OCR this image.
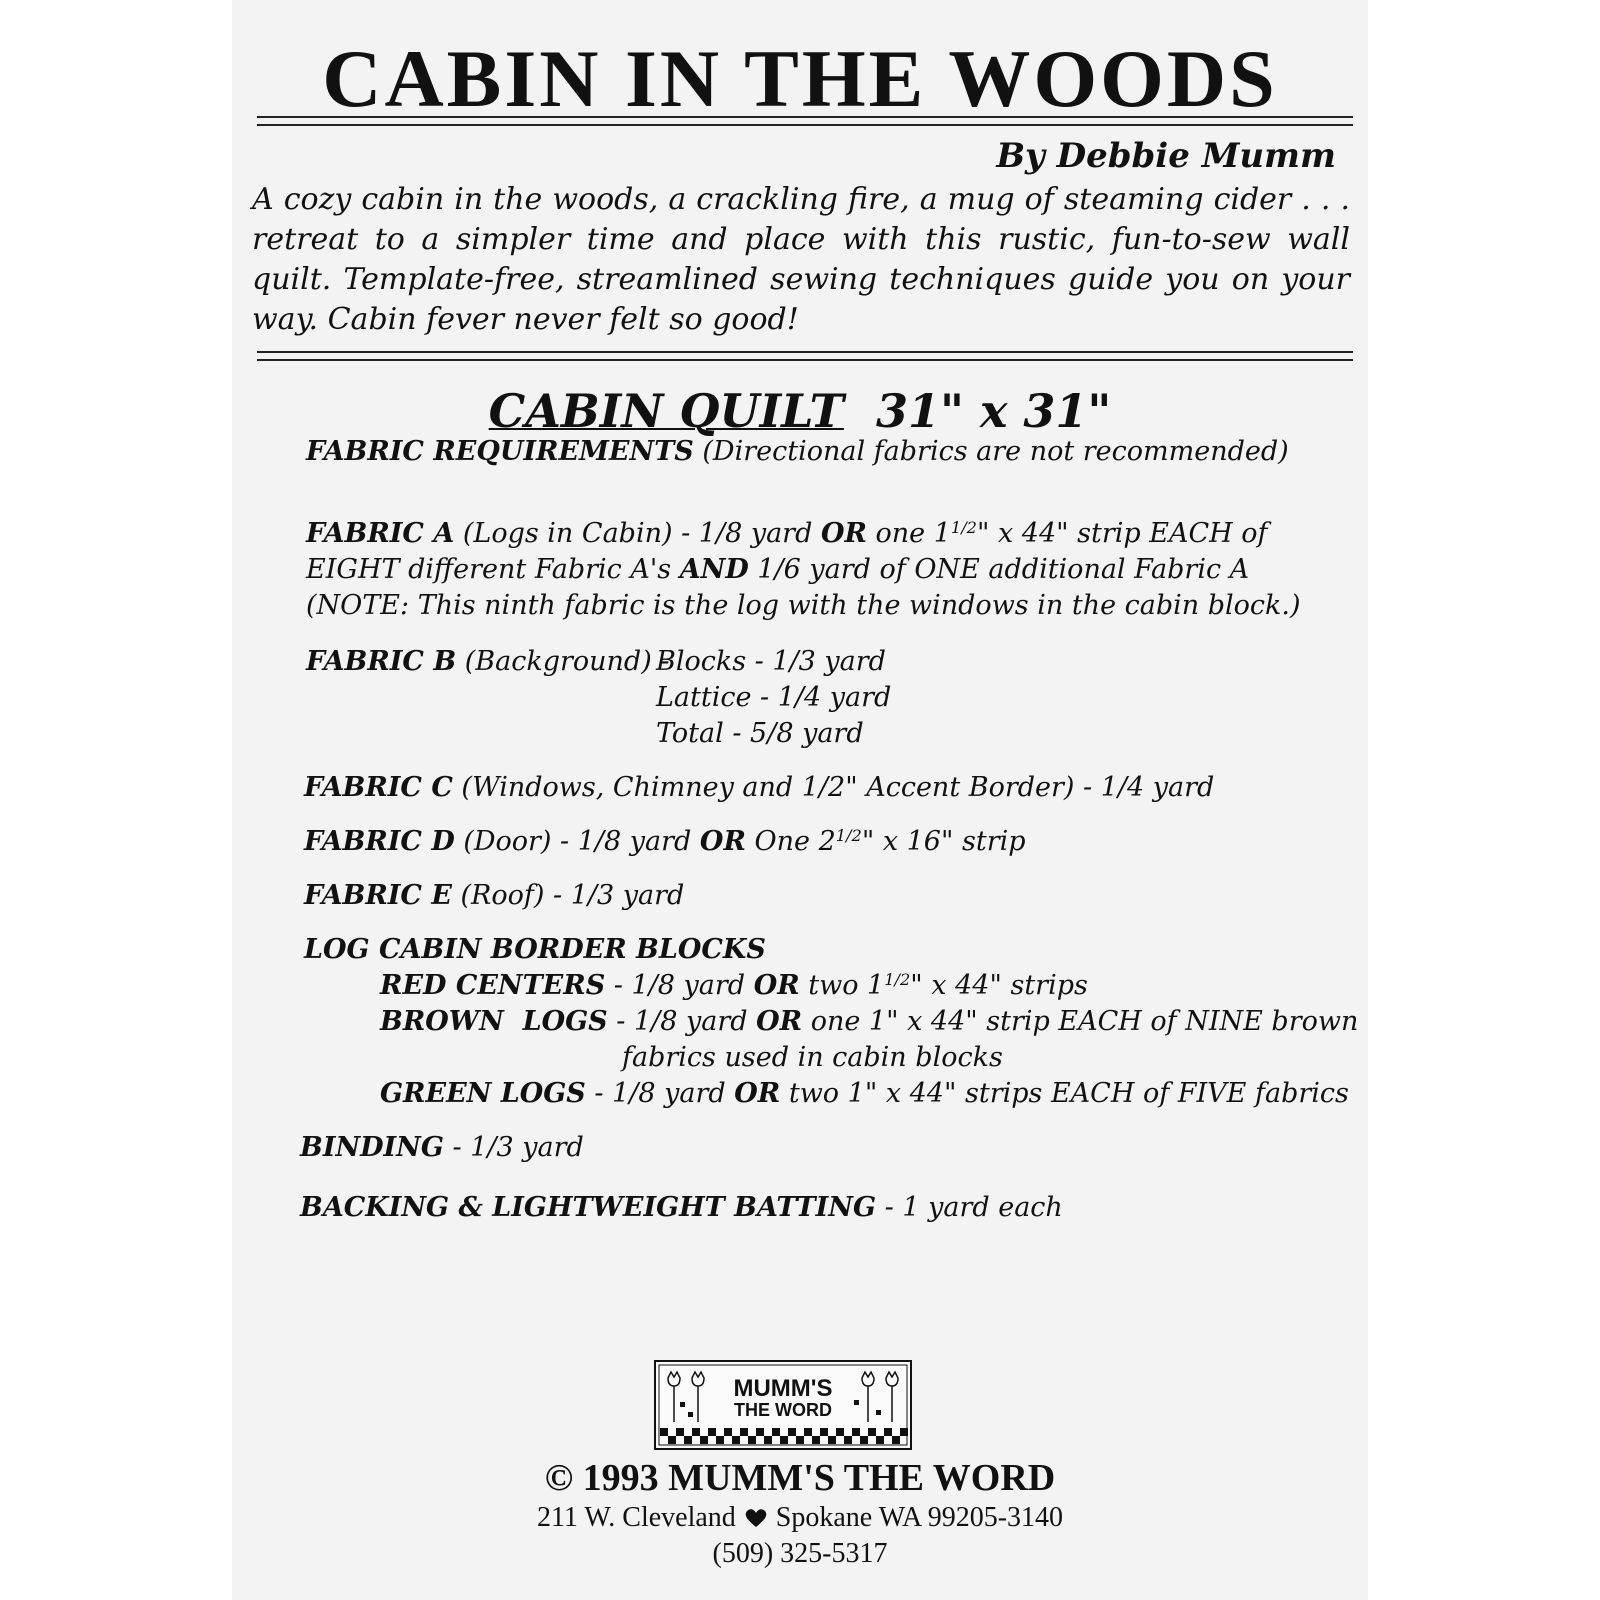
CABIN IN THE WOODS
By Debbie Mumm
A cozy cabin in the woods, a crackling fire, a mug of steaming cider . . . retreat to a simpler time and place with this rustic, fun-to-sew wall quilt. Template-free, streamlined sewing techniques guide you on your way. Cabin fever never felt so good!
CABIN QUILT 31" x 31"
FABRIC REQUIREMENTS (Directional fabrics are not recommended)
FABRIC A (Logs in Cabin) - 1/8 yard OR one $1^{1/2}$" x 44" strip EACH of
EIGHT different Fabric A's AND 1/6 yard of ONE additional Fabric A
(NOTE: This ninth fabric is the log with the windows in the cabin block.)
FABRIC B (Background) -
Blocks - 1/3 yard
Lattice - 1/4 yard
Total - 5/8 yard
FABRIC C (Windows, Chimney and 1/2" Accent Border) - 1/4 yard
FABRIC D (Door) - 1/8 yard OR One $2^{1/2}$" x 16" strip
FABRIC E (Roof) - 1/3 yard
LOG CABIN BORDER BLOCKS
RED CENTERS - 1/8 yard OR two $1^{1/2}$" x 44" strips
BROWN  LOGS - 1/8 yard OR one 1" x 44" strip EACH of NINE brown
fabrics used in cabin blocks
GREEN LOGS - 1/8 yard OR two 1" x 44" strips EACH of FIVE fabrics
BINDING - 1/3 yard
BACKING & LIGHTWEIGHT BATTING - 1 yard each
MUMM'S
THE WORD
© 1993 MUMM'S THE WORD
211 W. Cleveland Spokane WA 99205-3140
(509) 325-5317
